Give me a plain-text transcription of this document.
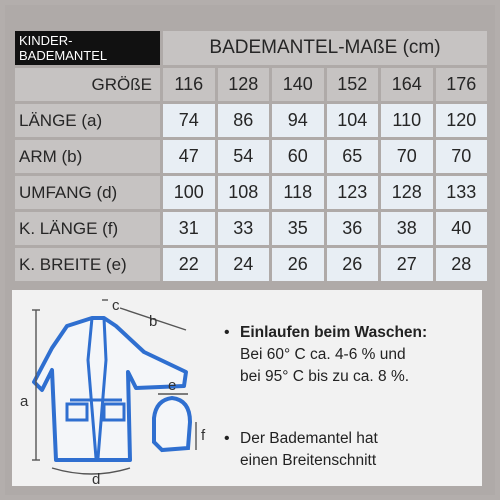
KINDER-BADEMANTEL	BADEMANTEL-MAßE (cm)					
GRÖßE	116	128	140	152	164	176
LÄNGE (a)	74	86	94	104	110	120
ARM (b)	47	54	60	65	70	70
UMFANG (d)	100	108	118	123	128	133
K. LÄNGE (f)	31	33	35	36	38	40
K. BREITE (e)	22	24	26	26	27	28
a
b
c
d
e
f
• Einlaufen beim Waschen:
Bei 60° C ca. 4-6 % und
bei 95° C bis zu ca. 8 %.
• Der Bademantel hat
einen Breitenschnitt
